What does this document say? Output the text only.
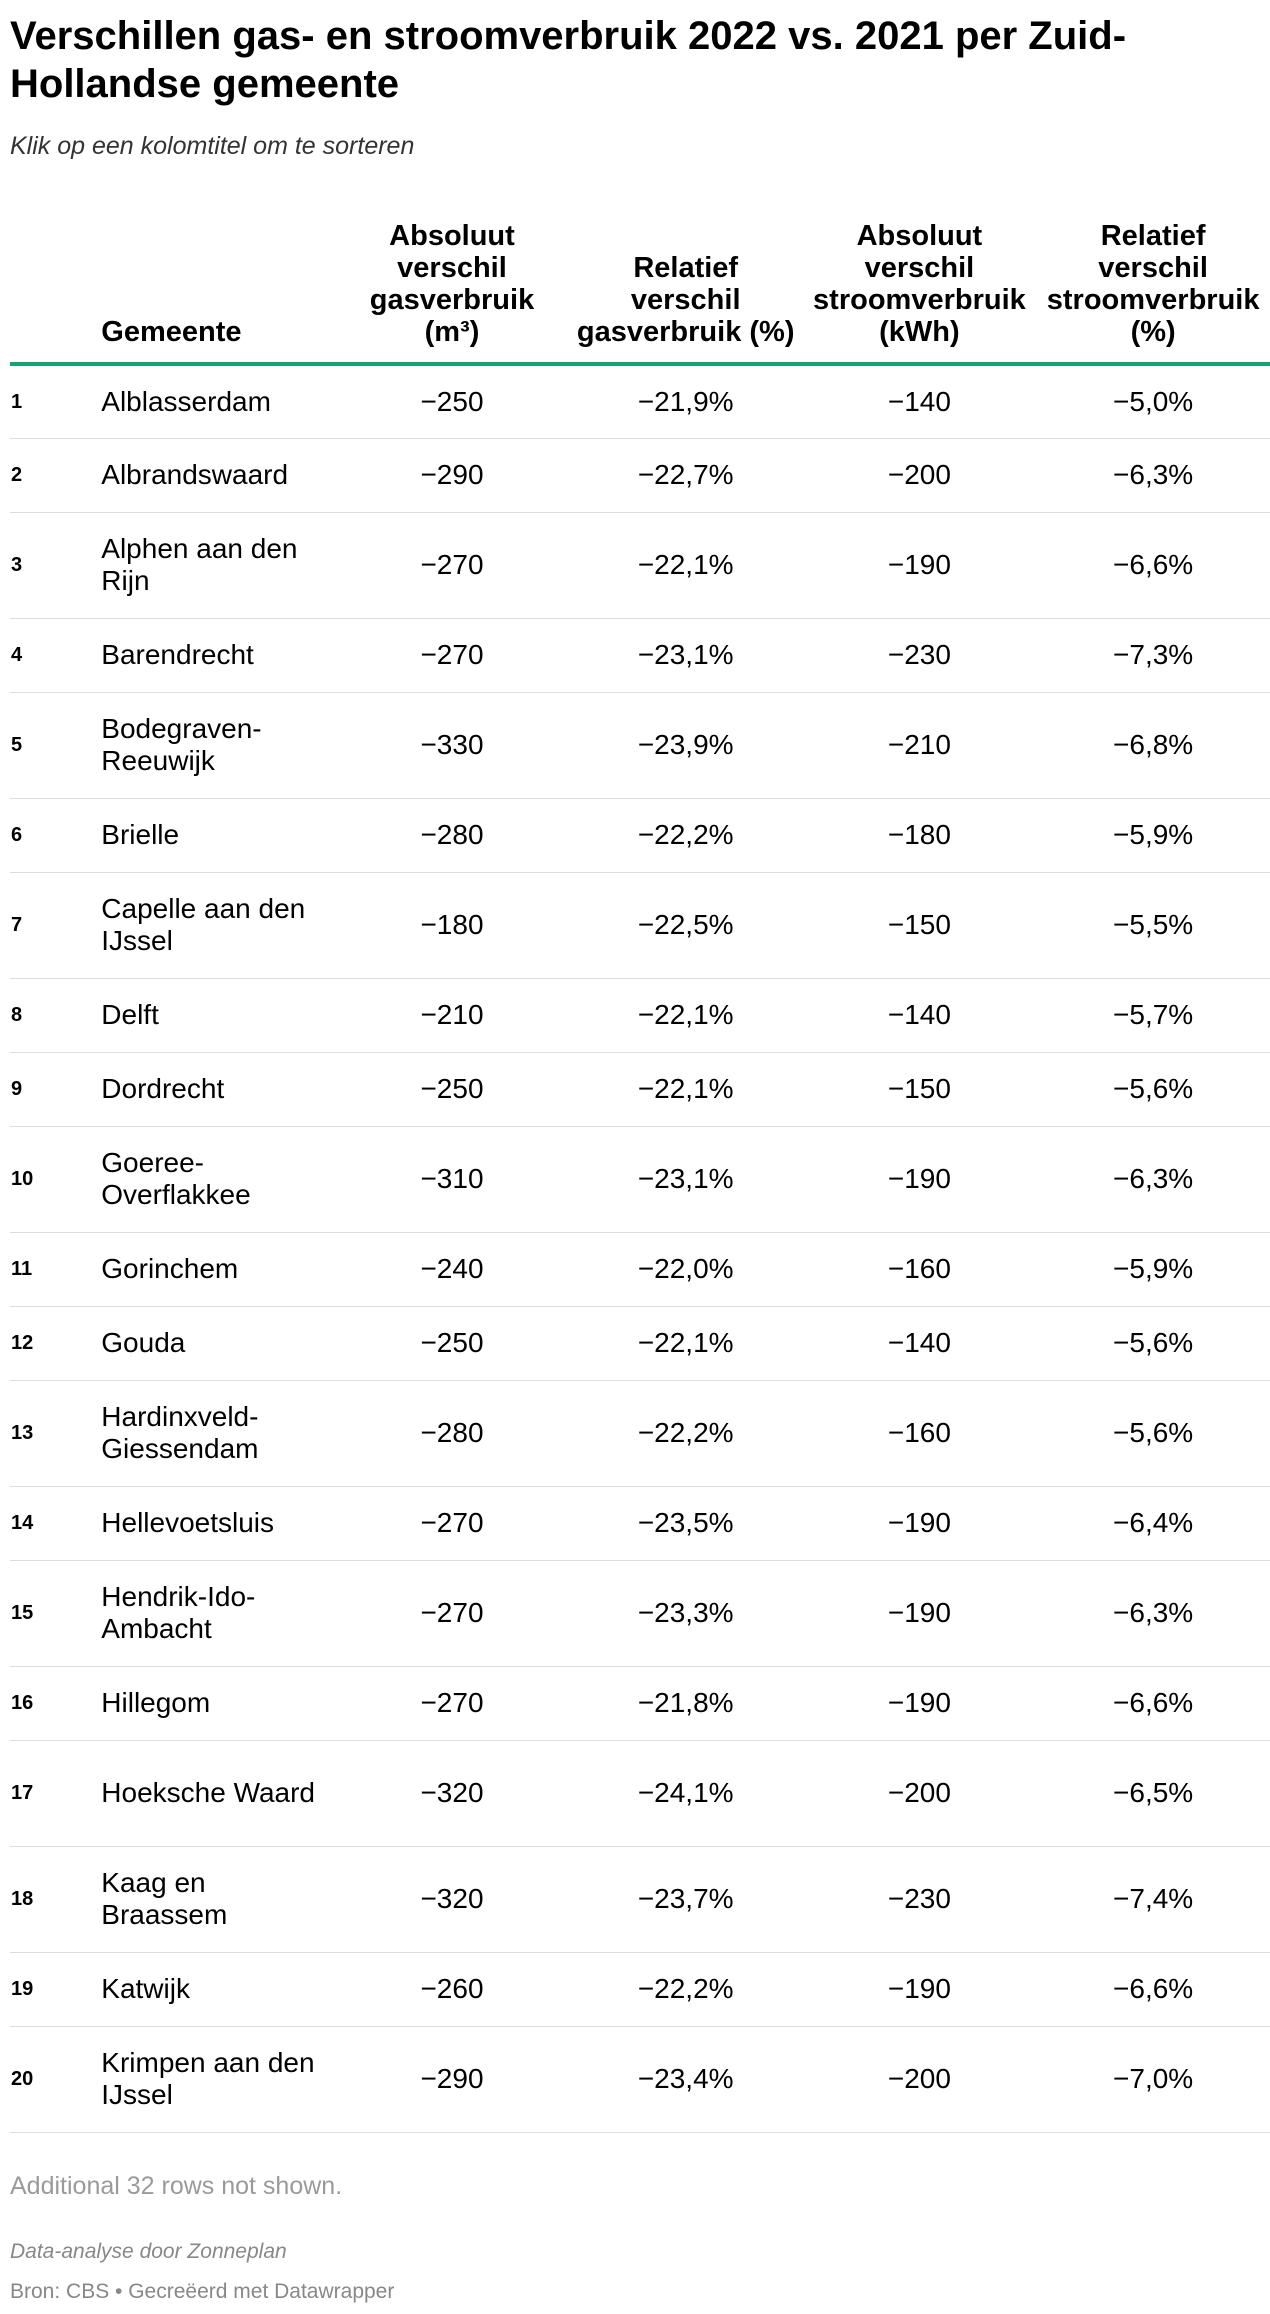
Verschillen gas- en stroomverbruik 2022 vs. 2021 per Zuid-Hollandse gemeente
Klik op een kolomtitel om te sorteren
	Gemeente	Absoluut verschil gasverbruik (m³)	Relatief verschil gasverbruik (%)	Absoluut verschil stroomverbruik (kWh)	Relatief verschil stroomverbruik (%)
1	Alblasserdam	−250	−21,9%	−140	−5,0%
2	Albrandswaard	−290	−22,7%	−200	−6,3%
3	Alphen aan den Rijn	−270	−22,1%	−190	−6,6%
4	Barendrecht	−270	−23,1%	−230	−7,3%
5	Bodegraven-Reeuwijk	−330	−23,9%	−210	−6,8%
6	Brielle	−280	−22,2%	−180	−5,9%
7	Capelle aan den IJssel	−180	−22,5%	−150	−5,5%
8	Delft	−210	−22,1%	−140	−5,7%
9	Dordrecht	−250	−22,1%	−150	−5,6%
10	Goeree-Overflakkee	−310	−23,1%	−190	−6,3%
11	Gorinchem	−240	−22,0%	−160	−5,9%
12	Gouda	−250	−22,1%	−140	−5,6%
13	Hardinxveld-Giessendam	−280	−22,2%	−160	−5,6%
14	Hellevoetsluis	−270	−23,5%	−190	−6,4%
15	Hendrik-Ido-Ambacht	−270	−23,3%	−190	−6,3%
16	Hillegom	−270	−21,8%	−190	−6,6%
17	Hoeksche Waard	−320	−24,1%	−200	−6,5%
18	Kaag en Braassem	−320	−23,7%	−230	−7,4%
19	Katwijk	−260	−22,2%	−190	−6,6%
20	Krimpen aan den IJssel	−290	−23,4%	−200	−7,0%
Additional 32 rows not shown.
Data-analyse door Zonneplan
Bron: CBS • Gecreëerd met Datawrapper
